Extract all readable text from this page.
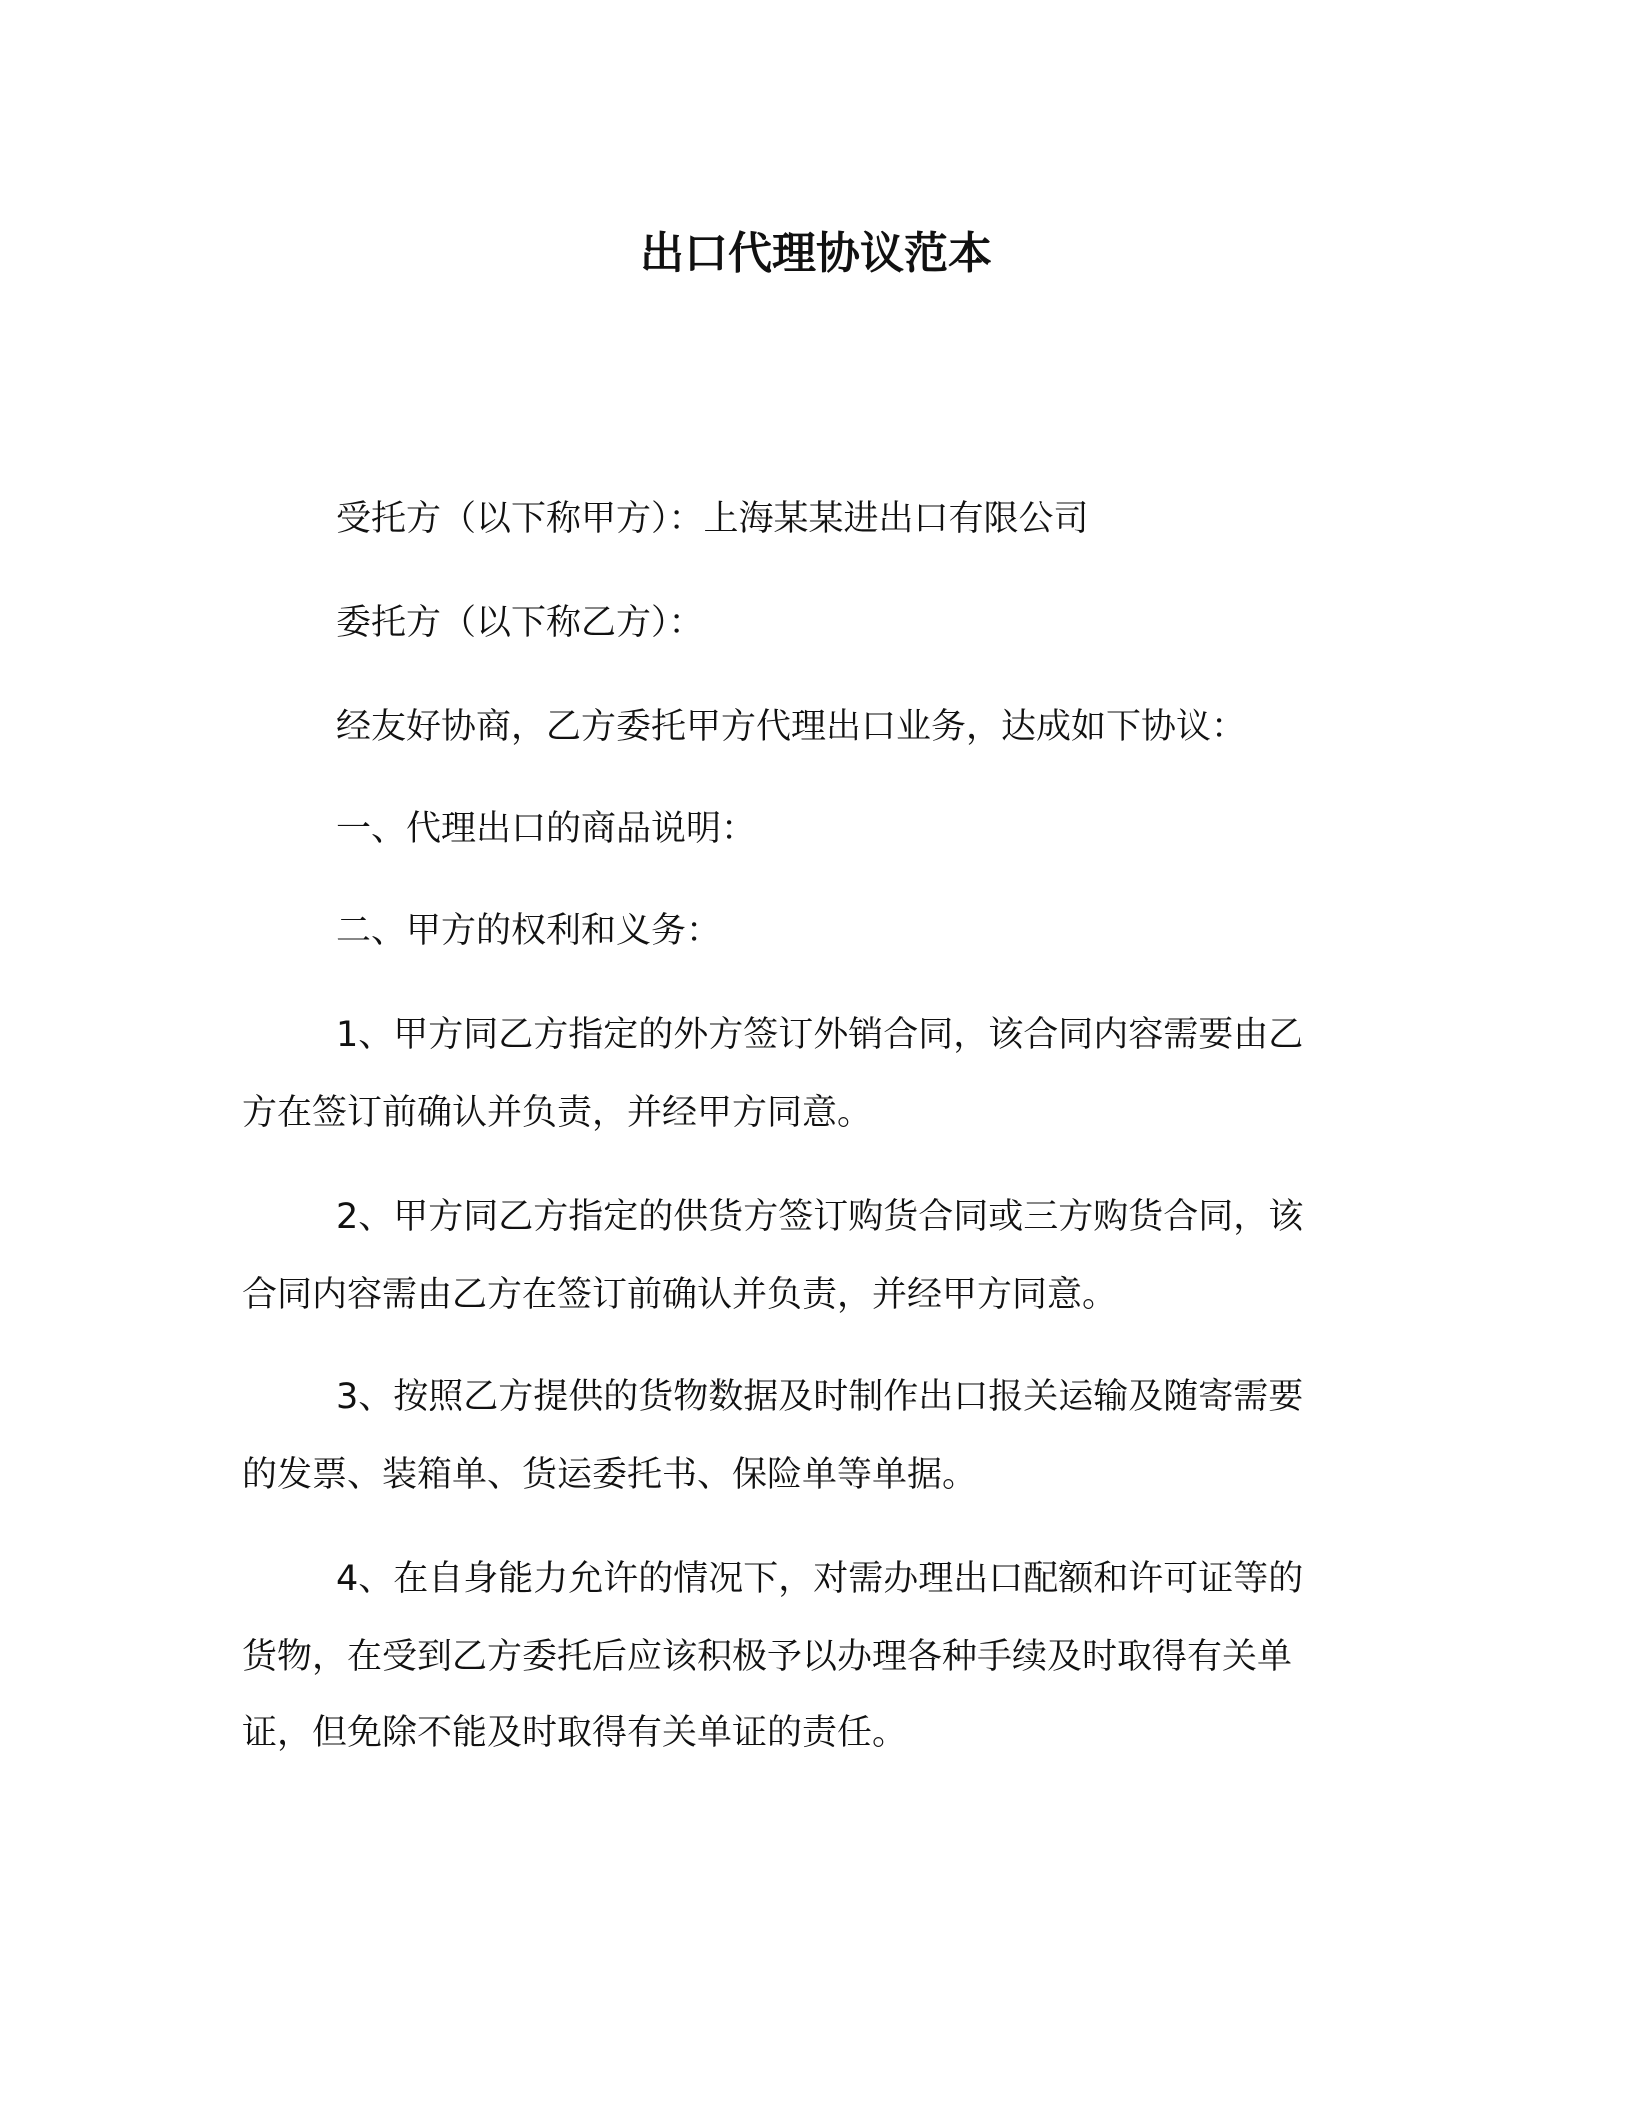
出口代理协议范本

受托方（以下称甲方）：上海某某进出口有限公司

委托方（以下称乙方）：

经友好协商，乙方委托甲方代理出口业务，达成如下协议：

一、代理出口的商品说明：

二、甲方的权利和义务：

1、甲方同乙方指定的外方签订外销合同，该合同内容需要由乙

方在签订前确认并负责，并经甲方同意。

2、甲方同乙方指定的供货方签订购货合同或三方购货合同，该

合同内容需由乙方在签订前确认并负责，并经甲方同意。

3、按照乙方提供的货物数据及时制作出口报关运输及随寄需要

的发票、装箱单、货运委托书、保险单等单据。

4、在自身能力允许的情况下，对需办理出口配额和许可证等的

货物，在受到乙方委托后应该积极予以办理各种手续及时取得有关单

证，但免除不能及时取得有关单证的责任。
